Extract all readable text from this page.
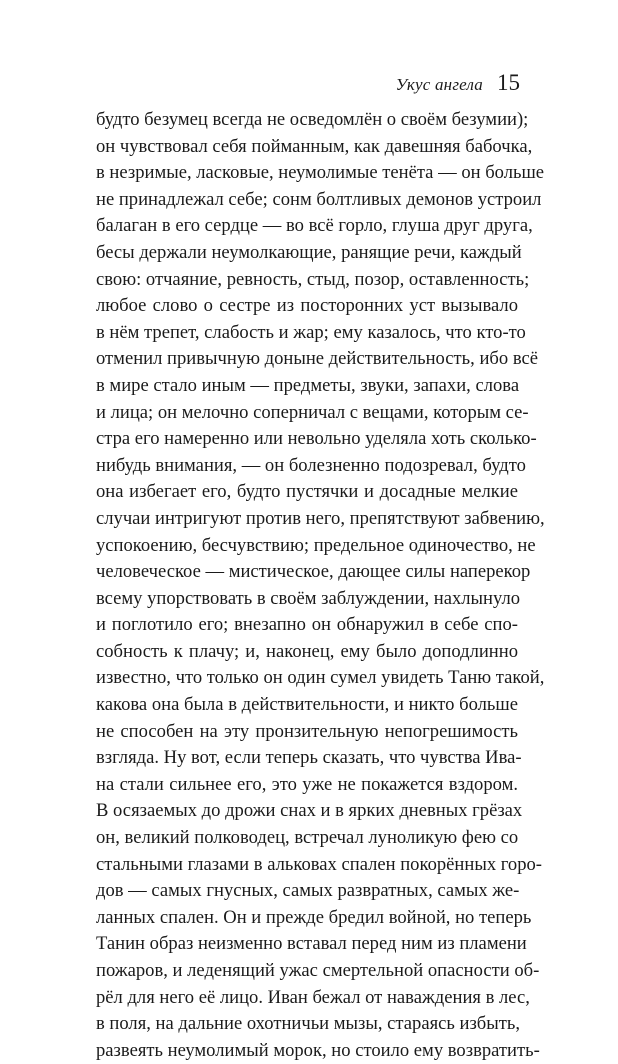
Укус ангела 15
будто безумец всегда не осведомлён о своём безумии);
он чувствовал себя пойманным, как давешняя бабочка,
в незримые, ласковые, неумолимые тенёта — он больше
не принадлежал себе; сонм болтливых демонов устроил
балаган в его сердце — во всё горло, глуша друг друга,
бесы держали неумолкающие, ранящие речи, каждый
свою: отчаяние, ревность, стыд, позор, оставленность;
любое слово о сестре из посторонних уст вызывало
в нём трепет, слабость и жар; ему казалось, что кто-то
отменил привычную донынe действительность, ибо всё
в мире стало иным — предметы, звуки, запахи, слова
и лица; он мелочно соперничал с вещами, которым се-
стра его намеренно или невольно уделяла хоть сколько-
нибудь внимания, — он болезненно подозревал, будто
она избегает его, будто пустячки и досадные мелкие
случаи интригуют против него, препятствуют забвению,
успокоению, бесчувствию; предельное одиночество, не
человеческое — мистическое, дающее силы наперекор
всему упорствовать в своём заблуждении, нахлынуло
и поглотило его; внезапно он обнаружил в себе спо-
собность к плачу; и, наконец, ему было доподлинно
известно, что только он один сумел увидеть Таню такой,
какова она была в действительности, и никто больше
не способен на эту пронзительную непогрешимость
взгляда. Ну вот, если теперь сказать, что чувства Ива-
на стали сильнее его, это уже не покажется вздором.
В осязаемых до дрожи снах и в ярких дневных грёзах
он, великий полководец, встречал луноликую фею со
стальными глазами в альковах спален покорённых горо-
дов — самых гнусных, самых развратных, самых же-
ланных спален. Он и прежде бредил войной, но теперь
Танин образ неизменно вставал перед ним из пламени
пожаров, и леденящий ужас смертельной опасности об-
рёл для него её лицо. Иван бежал от наваждения в лес,
в поля, на дальние охотничьи мызы, стараясь избыть,
развеять неумолимый морок, но стоило ему возвратить-
